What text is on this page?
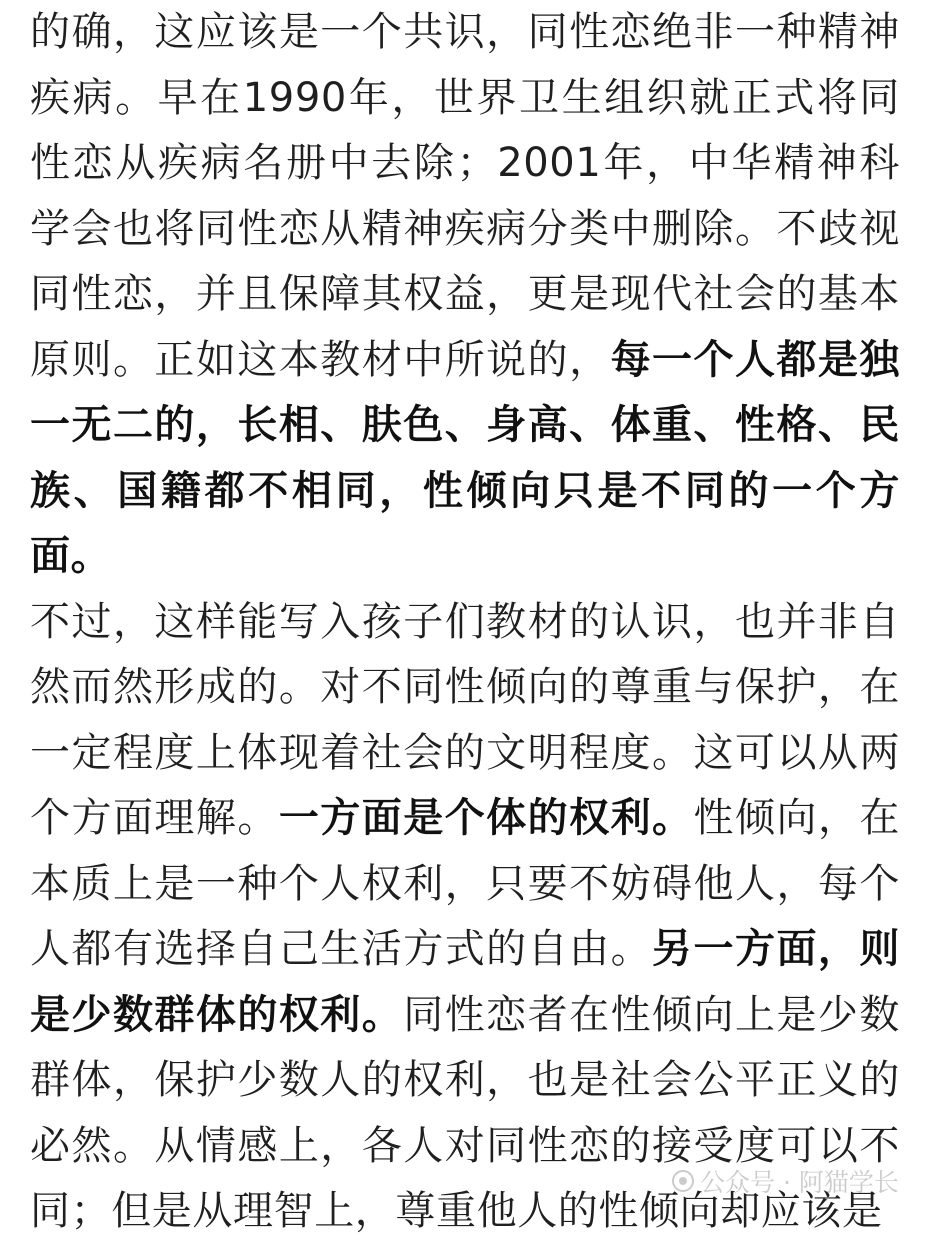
的确，这应该是一个共识，同性恋绝非一种精神疾病。早在1990年，世界卫生组织就正式将同性恋从疾病名册中去除；2001年，中华精神科学会也将同性恋从精神疾病分类中删除。不歧视同性恋，并且保障其权益，更是现代社会的基本原则。正如这本教材中所说的，每一个人都是独一无二的，长相、肤色、身高、体重、性格、民族、国籍都不相同，性倾向只是不同的一个方面。

不过，这样能写入孩子们教材的认识，也并非自然而然形成的。对不同性倾向的尊重与保护，在一定程度上体现着社会的文明程度。这可以从两个方面理解。一方面是个体的权利。性倾向，在本质上是一种个人权利，只要不妨碍他人，每个人都有选择自己生活方式的自由。另一方面，则是少数群体的权利。同性恋者在性倾向上是少数群体，保护少数人的权利，也是社会公平正义的必然。从情感上，各人对同性恋的接受度可以不同；但是从理智上，尊重他人的性倾向却应该是

公众号 · 阿猫学长
